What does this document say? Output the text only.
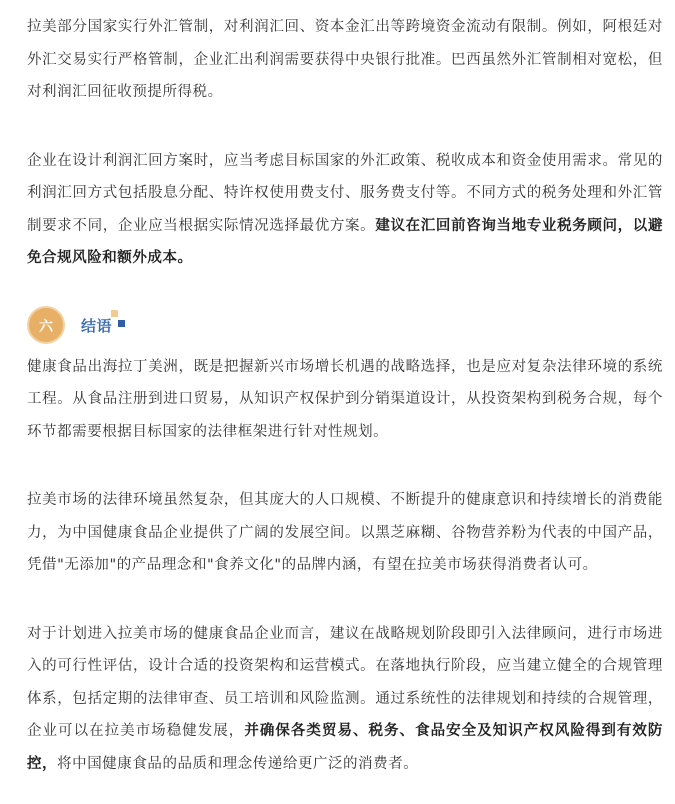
拉美部分国家实行外汇管制，对利润汇回、资本金汇出等跨境资金流动有限制。例如，阿根廷对外汇交易实行严格管制，企业汇出利润需要获得中央银行批准。巴西虽然外汇管制相对宽松，但对利润汇回征收预提所得税。

企业在设计利润汇回方案时，应当考虑目标国家的外汇政策、税收成本和资金使用需求。常见的利润汇回方式包括股息分配、特许权使用费支付、服务费支付等。不同方式的税务处理和外汇管制要求不同，企业应当根据实际情况选择最优方案。建议在汇回前咨询当地专业税务顾问，以避免合规风险和额外成本。

健康食品出海拉丁美洲，既是把握新兴市场增长机遇的战略选择，也是应对复杂法律环境的系统工程。从食品注册到进口贸易，从知识产权保护到分销渠道设计，从投资架构到税务合规，每个环节都需要根据目标国家的法律框架进行针对性规划。

拉美市场的法律环境虽然复杂，但其庞大的人口规模、不断提升的健康意识和持续增长的消费能力，为中国健康食品企业提供了广阔的发展空间。以黑芝麻糊、谷物营养粉为代表的中国产品，凭借"无添加"的产品理念和"食养文化"的品牌内涵，有望在拉美市场获得消费者认可。

对于计划进入拉美市场的健康食品企业而言，建议在战略规划阶段即引入法律顾问，进行市场进入的可行性评估，设计合适的投资架构和运营模式。在落地执行阶段，应当建立健全的合规管理体系，包括定期的法律审查、员工培训和风险监测。通过系统性的法律规划和持续的合规管理，企业可以在拉美市场稳健发展，并确保各类贸易、税务、食品安全及知识产权风险得到有效防控，将中国健康食品的品质和理念传递给更广泛的消费者。

六	结语
